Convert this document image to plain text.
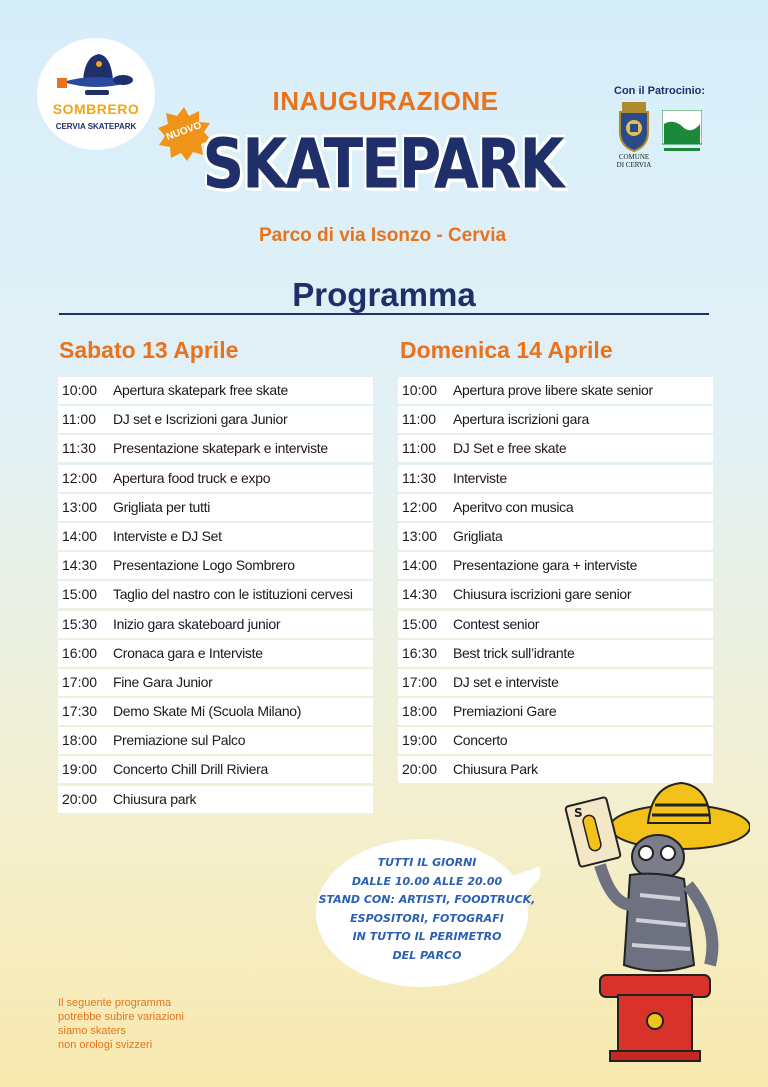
SOMBRERO
CERVIA SKATEPARK
INAUGURAZIONE
NUOVO SKATEPARK
Parco di via Isonzo - Cervia
Con il Patrocinio:
COMUNE
DI CERVIA
Programma
Sabato 13 Aprile	Domenica 14 Aprile
10:00 Apertura skatepark free skate
11:00 DJ set e Iscrizioni gara Junior
11:30 Presentazione skatepark e interviste
12:00 Apertura food truck e expo
13:00 Grigliata per tutti
14:00 Interviste e DJ Set
14:30 Presentazione Logo Sombrero
15:00 Taglio del nastro con le istituzioni cervesi
15:30 Inizio gara skateboard junior
16:00 Cronaca gara e Interviste
17:00 Fine Gara Junior
17:30 Demo Skate Mi (Scuola Milano)
18:00 Premiazione sul Palco
19:00 Concerto Chill Drill Riviera
20:00 Chiusura park
10:00 Apertura prove libere skate senior
11:00 Apertura iscrizioni gara
11:00 DJ Set e free skate
11:30 Interviste
12:00 Aperitvo con musica
13:00 Grigliata
14:00 Presentazione gara + interviste
14:30 Chiusura iscrizioni gare senior
15:00 Contest senior
16:30 Best trick sull’idrante
17:00 DJ set e interviste
18:00 Premiazioni Gare
19:00 Concerto
20:00 Chiusura Park
TUTTI IL GIORNI
DALLE 10.00 ALLE 20.00
STAND CON: ARTISTI, FOODTRUCK,
ESPOSITORI, FOTOGRAFI
IN TUTTO IL PERIMETRO
DEL PARCO
Il seguente programma
potrebbe subire variazioni
siamo skaters
non orologi svizzeri
S
